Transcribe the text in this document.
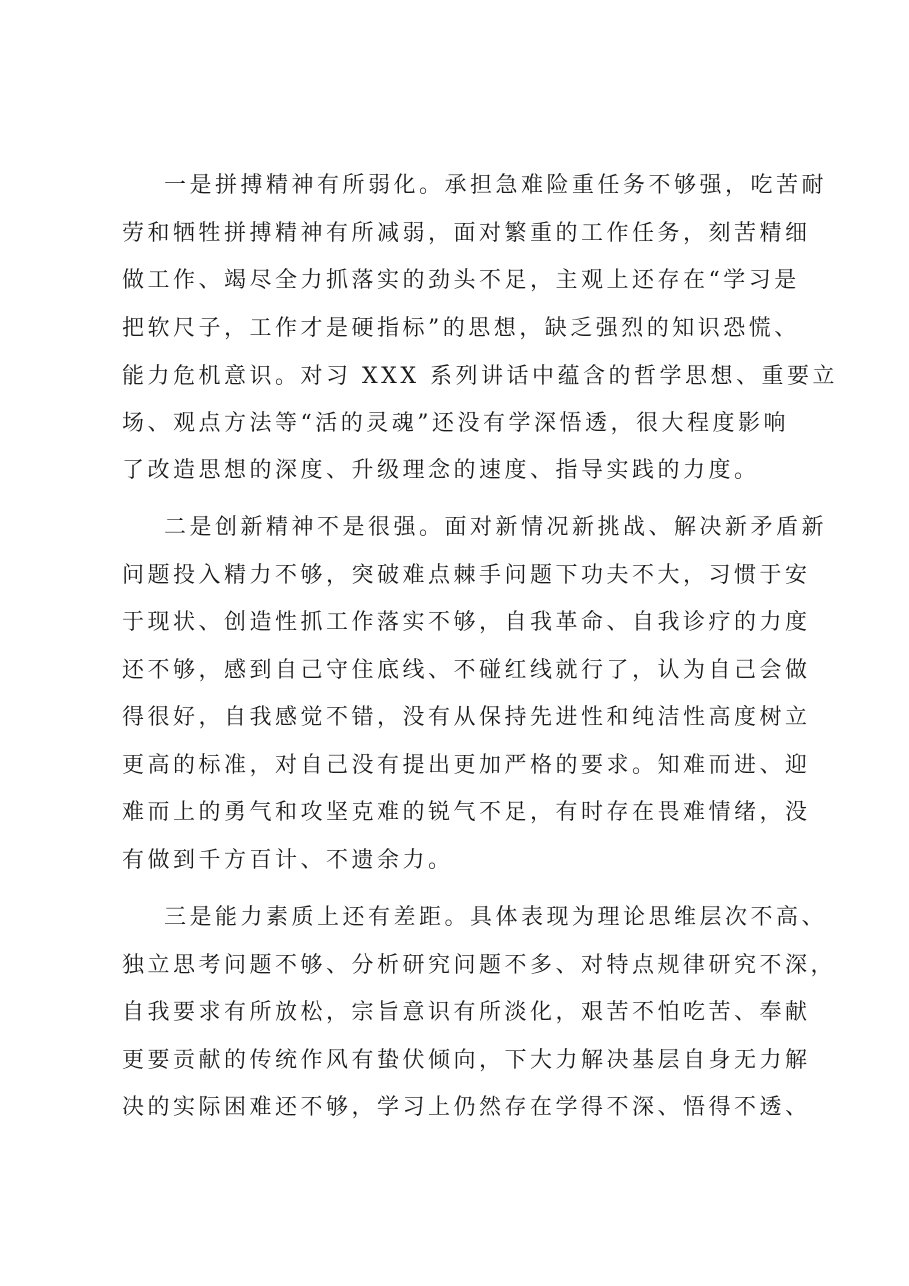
一是拼搏精神有所弱化。承担急难险重任务不够强，吃苦耐
劳和牺牲拼搏精神有所减弱，面对繁重的工作任务，刻苦精细
做工作、竭尽全力抓落实的劲头不足，主观上还存在“学习是
把软尺子，工作才是硬指标”的思想，缺乏强烈的知识恐慌、
能力危机意识。对习 XXX 系列讲话中蕴含的哲学思想、重要立
场、观点方法等“活的灵魂”还没有学深悟透，很大程度影响
了改造思想的深度、升级理念的速度、指导实践的力度。
二是创新精神不是很强。面对新情况新挑战、解决新矛盾新
问题投入精力不够，突破难点棘手问题下功夫不大，习惯于安
于现状、创造性抓工作落实不够，自我革命、自我诊疗的力度
还不够，感到自己守住底线、不碰红线就行了，认为自己会做
得很好，自我感觉不错，没有从保持先进性和纯洁性高度树立
更高的标准，对自己没有提出更加严格的要求。知难而进、迎
难而上的勇气和攻坚克难的锐气不足，有时存在畏难情绪，没
有做到千方百计、不遗余力。
三是能力素质上还有差距。具体表现为理论思维层次不高、
独立思考问题不够、分析研究问题不多、对特点规律研究不深，
自我要求有所放松，宗旨意识有所淡化，艰苦不怕吃苦、奉献
更要贡献的传统作风有蛰伏倾向，下大力解决基层自身无力解
决的实际困难还不够，学习上仍然存在学得不深、悟得不透、
